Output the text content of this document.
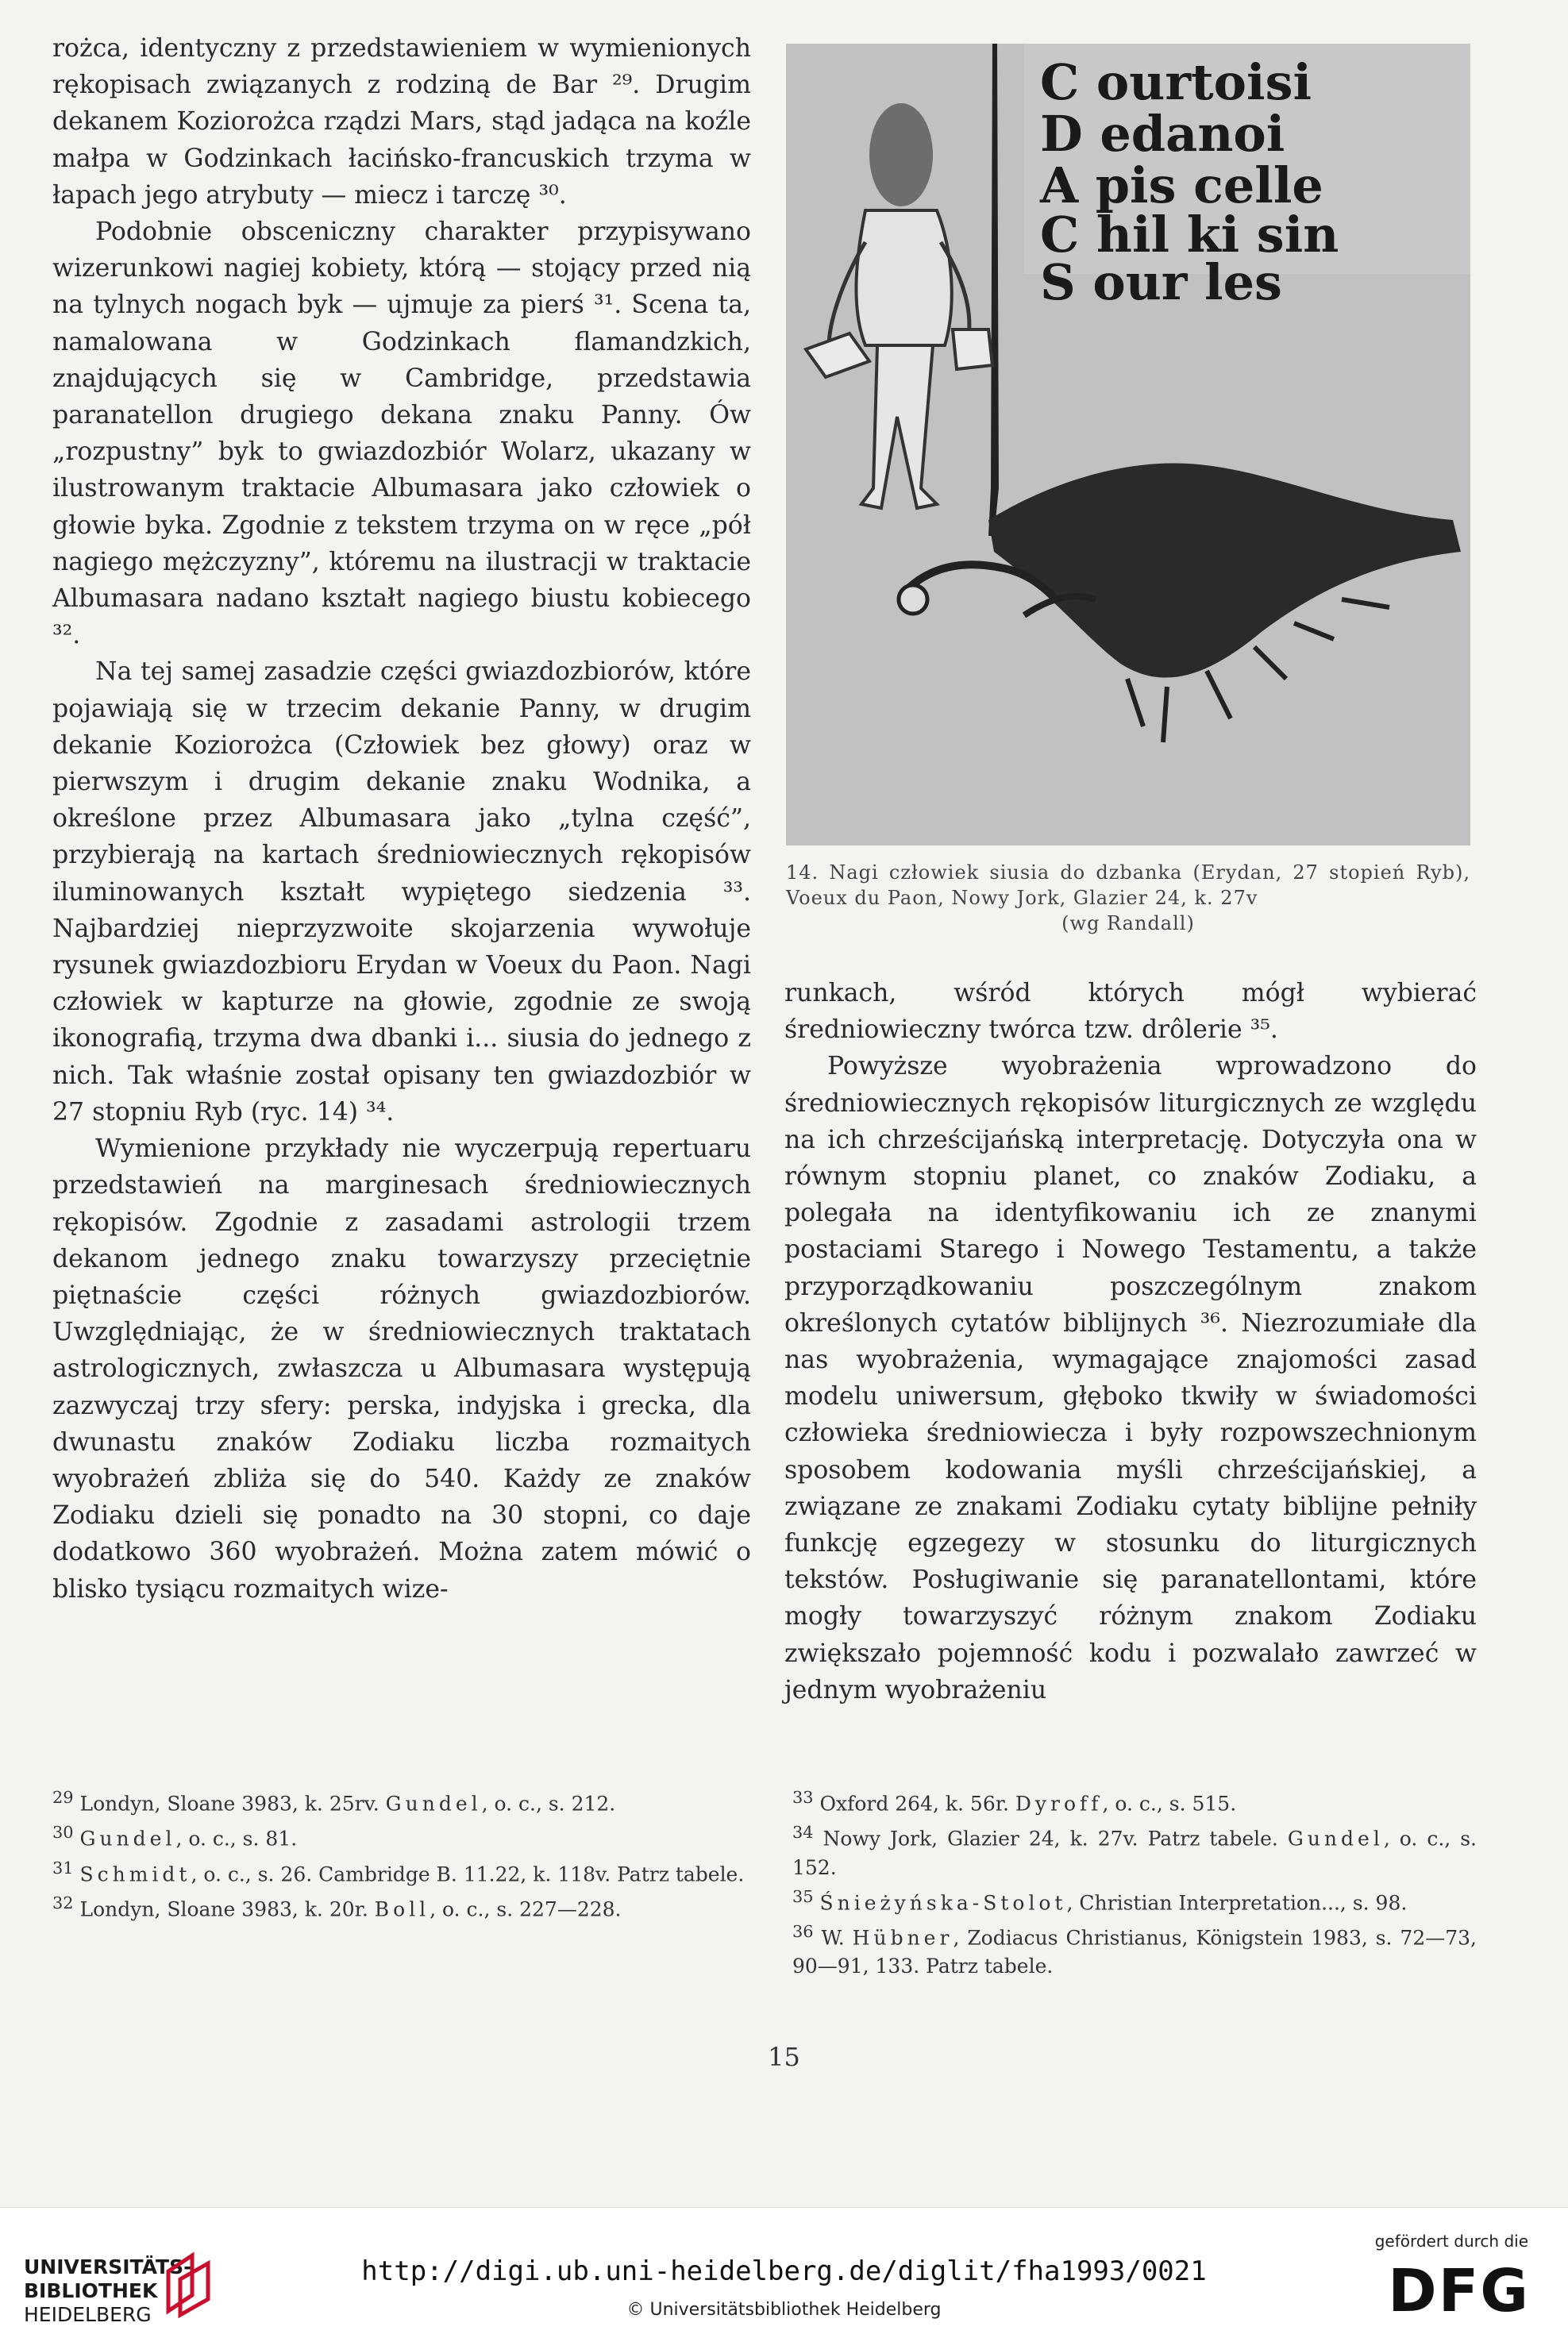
rożca, identyczny z przedstawieniem w wymienionych rękopisach związanych z rodziną de Bar ²⁹. Drugim dekanem Koziorożca rządzi Mars, stąd jadąca na koźle małpa w Godzinkach łacińsko-francuskich trzyma w łapach jego atrybuty — miecz i tarczę ³⁰.

Podobnie obsceniczny charakter przypisywano wizerunkowi nagiej kobiety, którą — stojący przed nią na tylnych nogach byk — ujmuje za pierś ³¹. Scena ta, namalowana w Godzinkach flamandzkich, znajdujących się w Cambridge, przedstawia paranatellon drugiego dekana znaku Panny. Ów „rozpustny” byk to gwiazdozbiór Wolarz, ukazany w ilustrowanym traktacie Albumasara jako człowiek o głowie byka. Zgodnie z tekstem trzyma on w ręce „pół nagiego mężczyzny”, któremu na ilustracji w traktacie Albumasara nadano kształt nagiego biustu kobiecego ³².

Na tej samej zasadzie części gwiazdozbiorów, które pojawiają się w trzecim dekanie Panny, w drugim dekanie Koziorożca (Człowiek bez głowy) oraz w pierwszym i drugim dekanie znaku Wodnika, a określone przez Albumasara jako „tylna część”, przybierają na kartach średniowiecznych rękopisów iluminowanych kształt wypiętego siedzenia ³³. Najbardziej nieprzyzwoite skojarzenia wywołuje rysunek gwiazdozbioru Erydan w Voeux du Paon. Nagi człowiek w kapturze na głowie, zgodnie ze swoją ikonografią, trzyma dwa dbanki i... siusia do jednego z nich. Tak właśnie został opisany ten gwiazdozbiór w 27 stopniu Ryb (ryc. 14) ³⁴.

Wymienione przykłady nie wyczerpują repertuaru przedstawień na marginesach średniowiecznych rękopisów. Zgodnie z zasadami astrologii trzem dekanom jednego znaku towarzyszy przeciętnie piętnaście części różnych gwiazdozbiorów. Uwzględniając, że w średniowiecznych traktatach astrologicznych, zwłaszcza u Albumasara występują zazwyczaj trzy sfery: perska, indyjska i grecka, dla dwunastu znaków Zodiaku liczba rozmaitych wyobrażeń zbliża się do 540. Każdy ze znaków Zodiaku dzieli się ponadto na 30 stopni, co daje dodatkowo 360 wyobrażeń. Można zatem mówić o blisko tysiącu rozmaitych wize-

C ourtoisi
D edanoi
A pis celle
C hil ki sin
S our les
14. Nagi człowiek siusia do dzbanka (Erydan, 27 stopień Ryb), Voeux du Paon, Nowy Jork, Glazier 24, k. 27v
(wg Randall)

runkach, wśród których mógł wybierać średniowieczny twórca tzw. drôlerie ³⁵.

Powyższe wyobrażenia wprowadzono do średniowiecznych rękopisów liturgicznych ze względu na ich chrześcijańską interpretację. Dotyczyła ona w równym stopniu planet, co znaków Zodiaku, a polegała na identyfikowaniu ich ze znanymi postaciami Starego i Nowego Testamentu, a także przyporządkowaniu poszczególnym znakom określonych cytatów biblijnych ³⁶. Niezrozumiałe dla nas wyobrażenia, wymagające znajomości zasad modelu uniwersum, głęboko tkwiły w świadomości człowieka średniowiecza i były rozpowszechnionym sposobem kodowania myśli chrześcijańskiej, a związane ze znakami Zodiaku cytaty biblijne pełniły funkcję egzegezy w stosunku do liturgicznych tekstów. Posługiwanie się paranatellontami, które mogły towarzyszyć różnym znakom Zodiaku zwiększało pojemność kodu i pozwalało zawrzeć w jednym wyobrażeniu

$^{29}$ Londyn, Sloane 3983, k. 25rv. Gundel, o. c., s. 212.
$^{30}$ Gundel, o. c., s. 81.
$^{31}$ Schmidt, o. c., s. 26. Cambridge B. 11.22, k. 118v. Patrz tabele.
$^{32}$ Londyn, Sloane 3983, k. 20r. Boll, o. c., s. 227—228.
$^{33}$ Oxford 264, k. 56r. Dyroff, o. c., s. 515.
$^{34}$ Nowy Jork, Glazier 24, k. 27v. Patrz tabele. Gundel, o. c., s. 152.
$^{35}$ Śnieżyńska-Stolot, Christian Interpretation..., s. 98.
$^{36}$ W. Hübner, Zodiacus Christianus, Königstein 1983, s. 72—73, 90—91, 133. Patrz tabele.
15
UNIVERSITÄTS-
BIBLIOTHEK
HEIDELBERG
http://digi.ub.uni-heidelberg.de/diglit/fha1993/0021
© Universitätsbibliothek Heidelberg
gefördert durch die
DFG
